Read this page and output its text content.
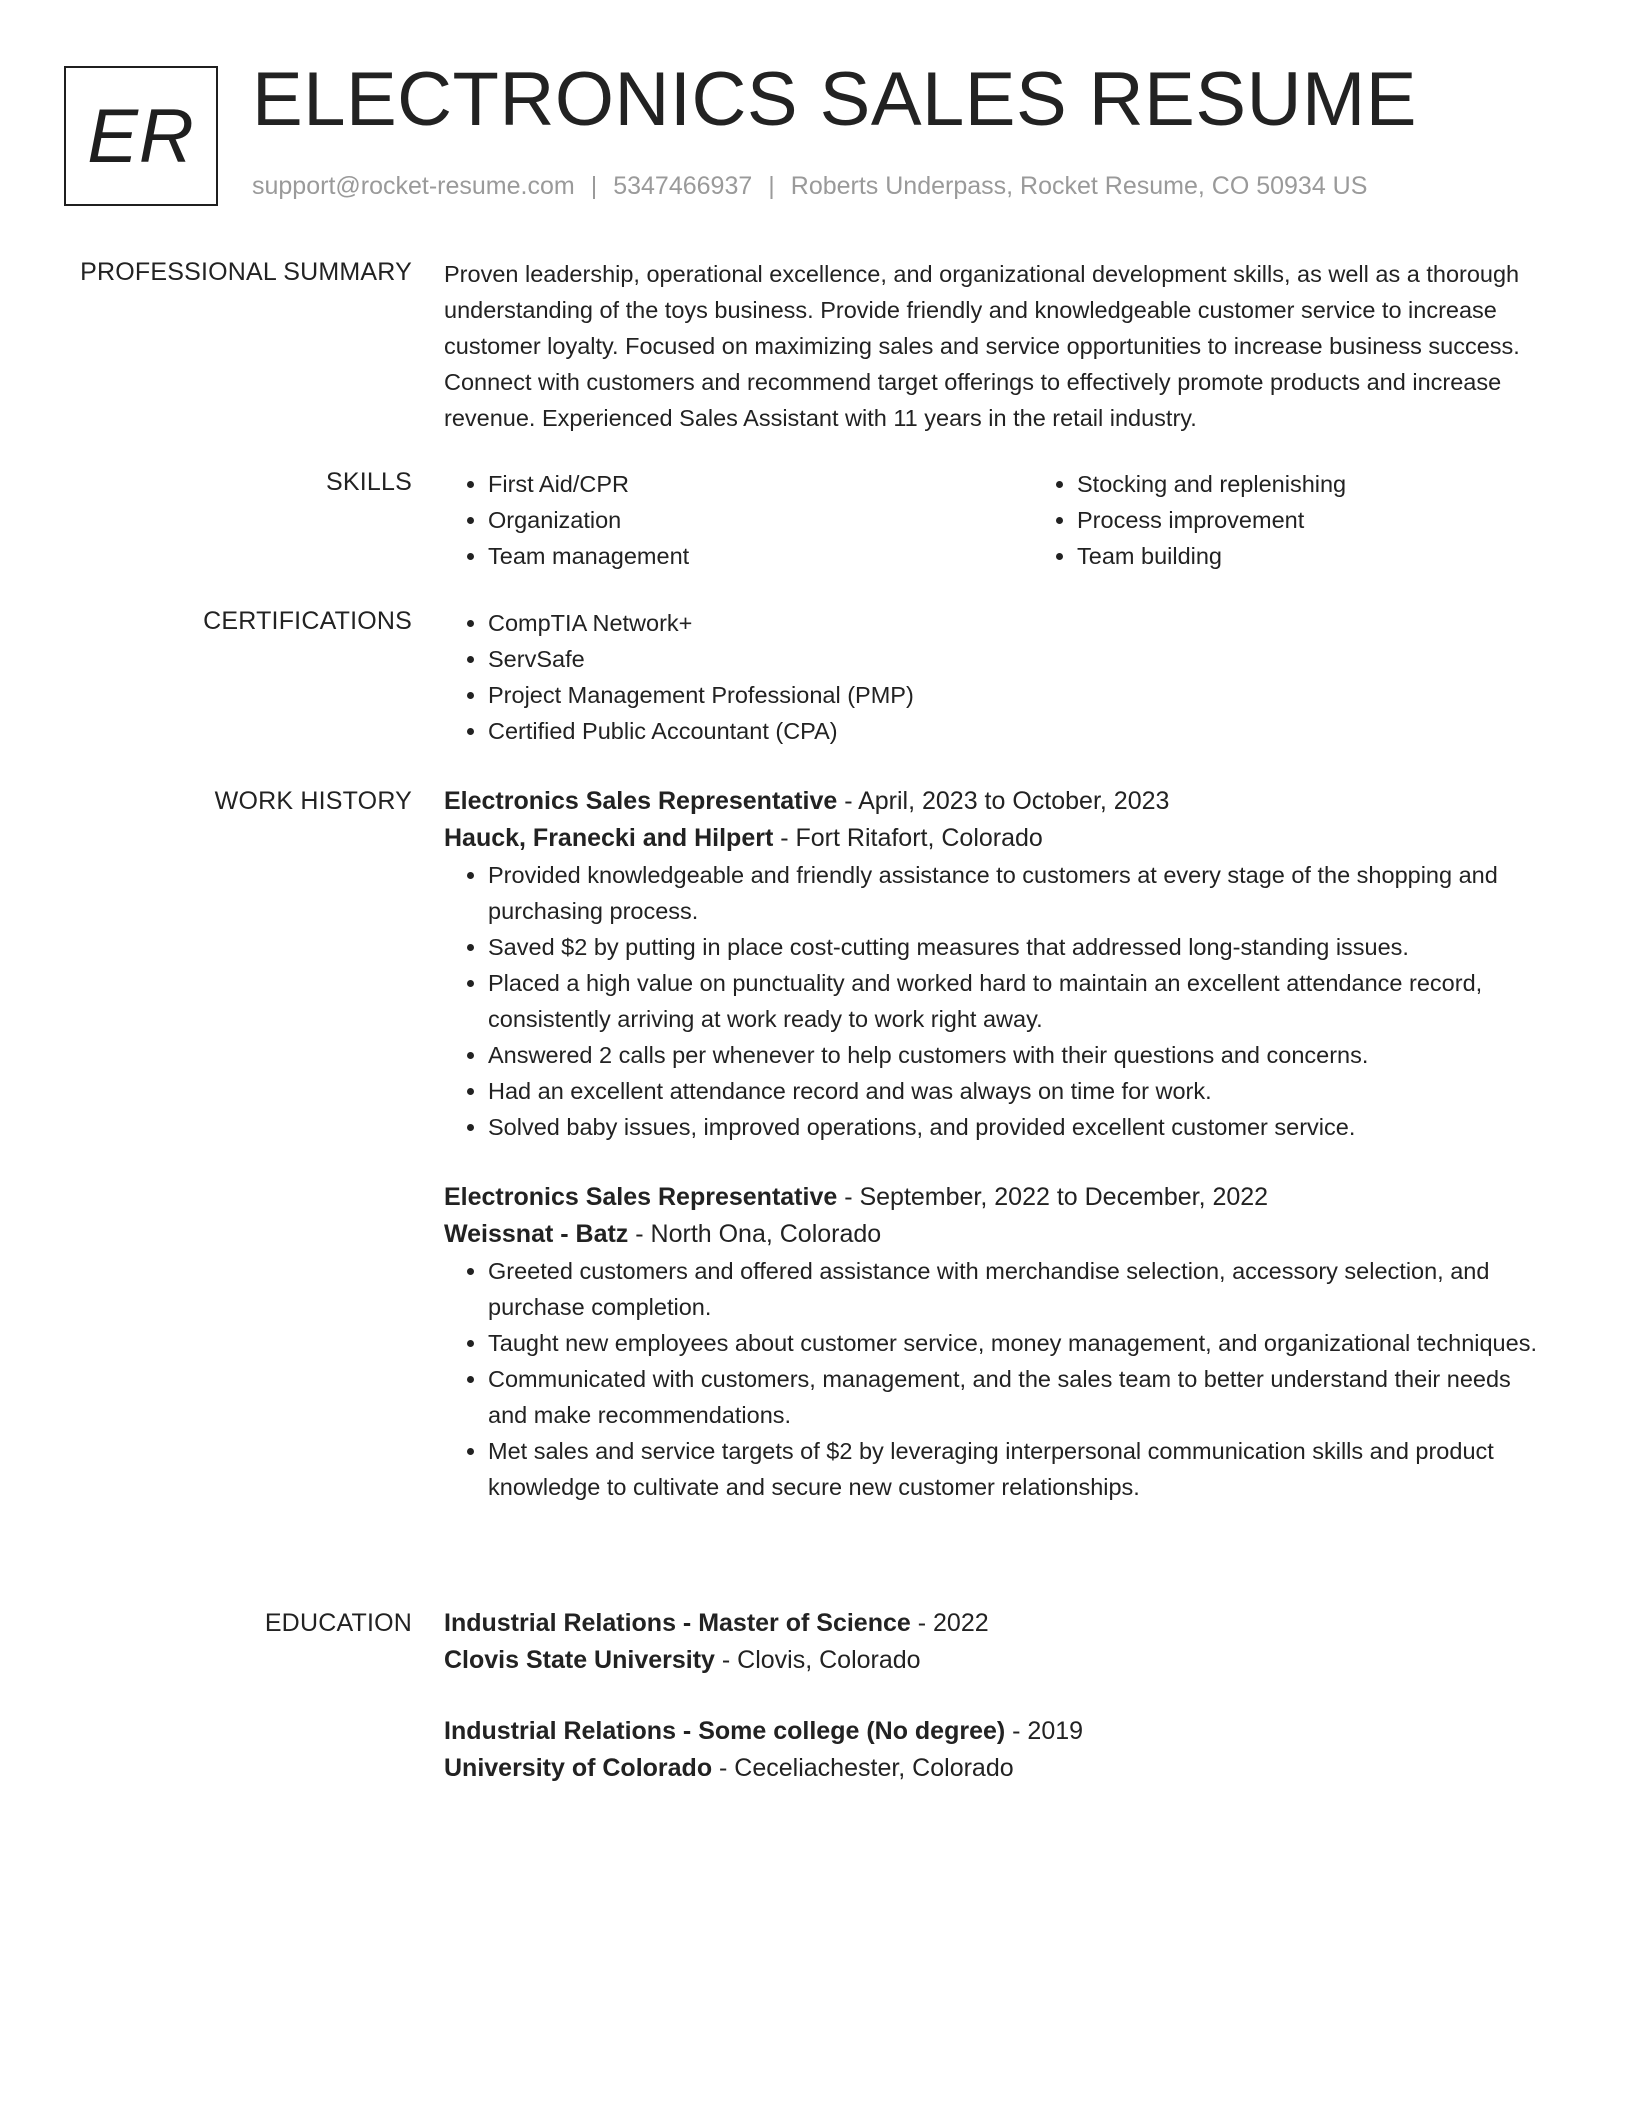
ER ELECTRONICS SALES RESUME
support@rocket-resume.com | 5347466937 | Roberts Underpass, Rocket Resume, CO 50934 US
PROFESSIONAL SUMMARY Proven leadership, operational excellence, and organizational development skills, as well as a thorough understanding of the toys business. Provide friendly and knowledgeable customer service to increase customer loyalty. Focused on maximizing sales and service opportunities to increase business success. Connect with customers and recommend target offerings to effectively promote products and increase revenue. Experienced Sales Assistant with 11 years in the retail industry.
SKILLS	• First Aid/CPR
• Organization
• Team management
• Stocking and replenishing
• Process improvement
• Team building
CERTIFICATIONS	• CompTIA Network+
• ServSafe
• Project Management Professional (PMP)
• Certified Public Accountant (CPA)
WORK HISTORY Electronics Sales Representative - April, 2023 to October, 2023
Hauck, Franecki and Hilpert - Fort Ritafort, Colorado
• Provided knowledgeable and friendly assistance to customers at every stage of the shopping and purchasing process.
• Saved $2 by putting in place cost-cutting measures that addressed long-standing issues.
• Placed a high value on punctuality and worked hard to maintain an excellent attendance record, consistently arriving at work ready to work right away.
• Answered 2 calls per whenever to help customers with their questions and concerns.
• Had an excellent attendance record and was always on time for work.
• Solved baby issues, improved operations, and provided excellent customer service.
Electronics Sales Representative - September, 2022 to December, 2022
Weissnat - Batz - North Ona, Colorado
• Greeted customers and offered assistance with merchandise selection, accessory selection, and purchase completion.
• Taught new employees about customer service, money management, and organizational techniques.
• Communicated with customers, management, and the sales team to better understand their needs and make recommendations.
• Met sales and service targets of $2 by leveraging interpersonal communication skills and product knowledge to cultivate and secure new customer relationships.
EDUCATION Industrial Relations - Master of Science - 2022
Clovis State University - Clovis, Colorado
Industrial Relations - Some college (No degree) - 2019
University of Colorado - Ceceliachester, Colorado
